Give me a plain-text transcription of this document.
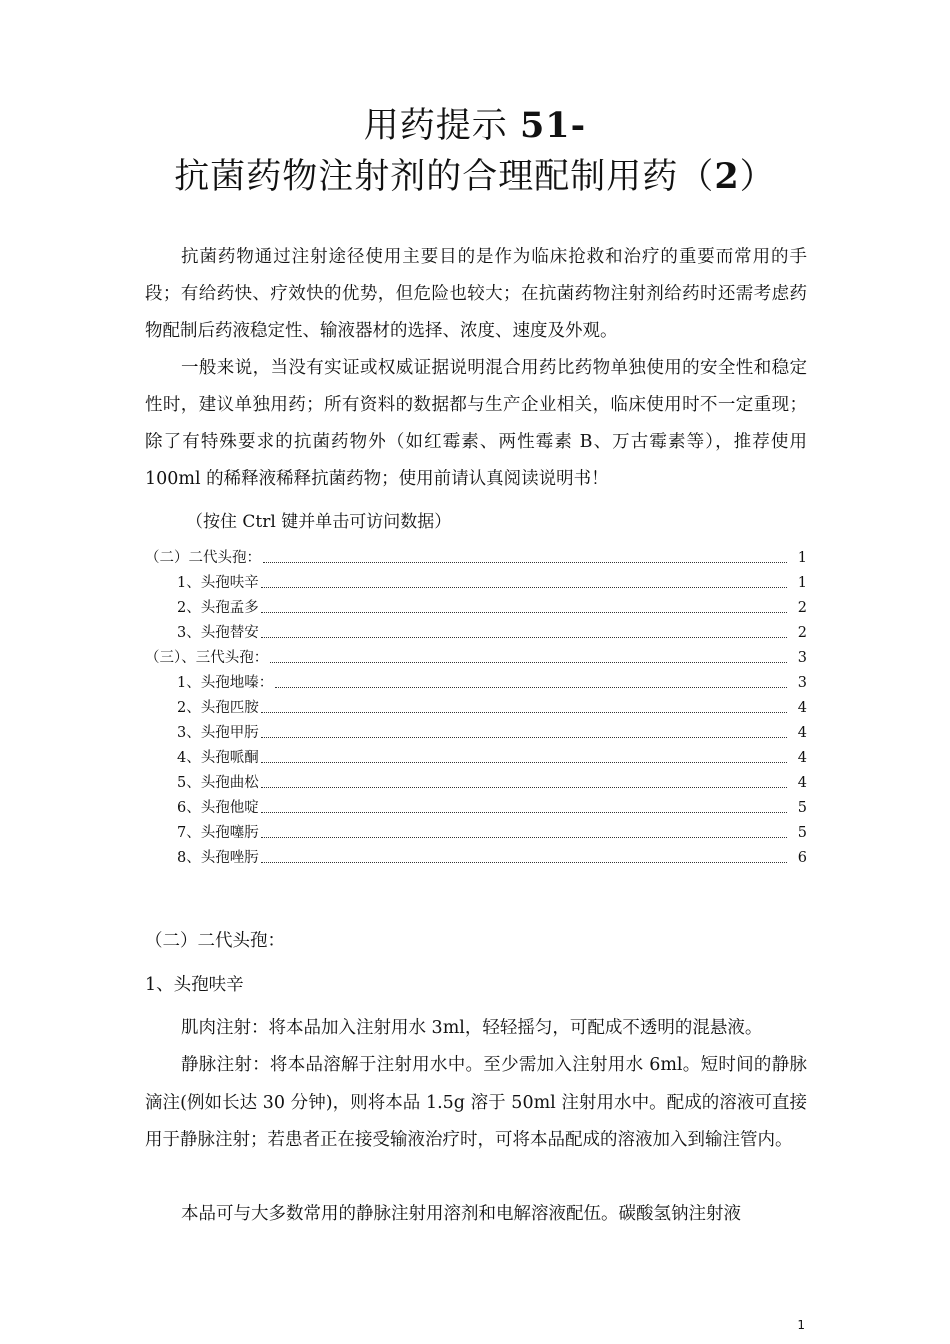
用药提示 51-
抗菌药物注射剂的合理配制用药（2）
抗菌药物通过注射途径使用主要目的是作为临床抢救和治疗的重要而常用的手段；有给药快、疗效快的优势，但危险也较大；在抗菌药物注射剂给药时还需考虑药物配制后药液稳定性、输液器材的选择、浓度、速度及外观。
一般来说，当没有实证或权威证据说明混合用药比药物单独使用的安全性和稳定性时，建议单独用药；所有资料的数据都与生产企业相关，临床使用时不一定重现；除了有特殊要求的抗菌药物外（如红霉素、两性霉素 B、万古霉素等），推荐使用 100ml 的稀释液稀释抗菌药物；使用前请认真阅读说明书！
（按住 Ctrl 键并单击可访问数据）
（二）二代头孢：	1
1、头孢呋辛	1
2、头孢孟多	2
3、头孢替安	2
（三）、三代头孢：	3
1、头孢地嗪：	3
2、头孢匹胺	4
3、头孢甲肟	4
4、头孢哌酮	4
5、头孢曲松	4
6、头孢他啶	5
7、头孢噻肟	5
8、头孢唑肟	6
（二）二代头孢：
1、头孢呋辛
肌肉注射：将本品加入注射用水 3ml，轻轻摇匀，可配成不透明的混悬液。
静脉注射：将本品溶解于注射用水中。至少需加入注射用水 6ml。短时间的静脉滴注(例如长达 30 分钟)，则将本品 1.5g 溶于 50ml 注射用水中。配成的溶液可直接用于静脉注射；若患者正在接受输液治疗时，可将本品配成的溶液加入到输注管内。
本品可与大多数常用的静脉注射用溶剂和电解溶液配伍。碳酸氢钠注射液
1
